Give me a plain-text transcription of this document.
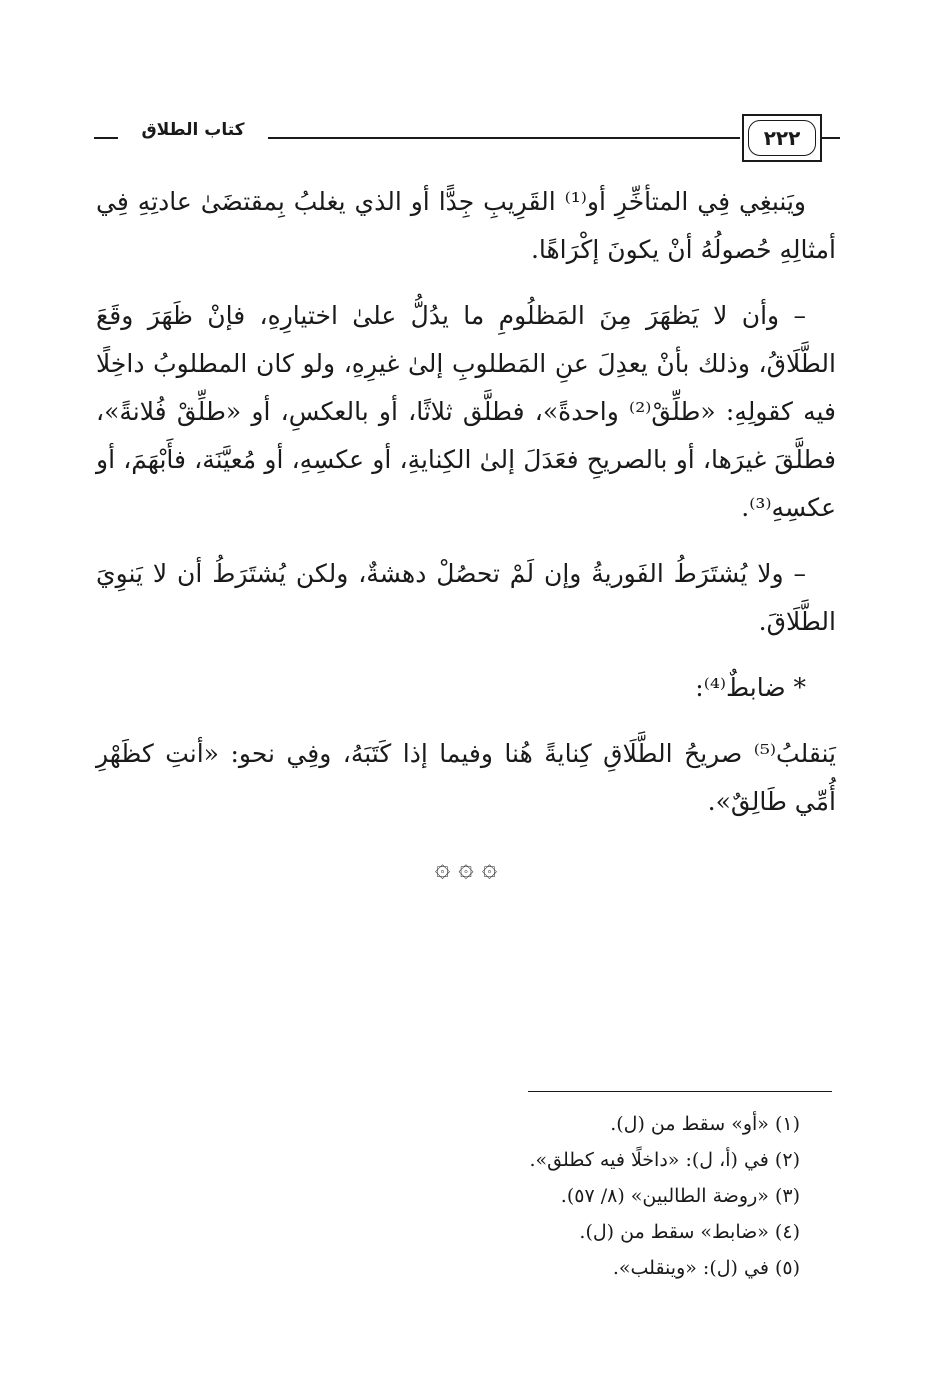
كتاب الطلاق	٢٢٢

ويَنبغِي فِي المتأخِّرِ أو⁽¹⁾ القَرِيبِ جِدًّا أو الذي يغلبُ بِمقتضَىٰ عادتِهِ فِي أمثالِهِ حُصولُهُ أنْ يكونَ إكْرَاهًا.

– وأن لا يَظهَرَ مِنَ المَظلُومِ ما يدُلُّ علىٰ اختيارِهِ، فإنْ ظَهَرَ وقَعَ الطَّلَاقُ، وذلك بأنْ يعدِلَ عنِ المَطلوبِ إلىٰ غيرِهِ، ولو كان المطلوبُ داخِلًا فيه كقولِهِ: «طلِّقْ⁽²⁾ واحدةً»، فطلَّق ثلاثًا، أو بالعكسِ، أو «طلِّقْ فُلانةً»، فطلَّقَ غيرَها، أو بالصريحِ فعَدَلَ إلىٰ الكِنايةِ، أو عكسِهِ، أو مُعيَّنَة، فأَبْهَمَ، أو عكسِهِ⁽³⁾.

– ولا يُشتَرَطُ الفَوريةُ وإن لَمْ تحصُلْ دهشةٌ، ولكن يُشتَرَطُ أن لا يَنوِيَ الطَّلَاقَ.

* ضابطٌ⁽⁴⁾:

يَنقلبُ⁽⁵⁾ صريحُ الطَّلَاقِ كِنايةً هُنا وفيما إذا كَتَبَهُ، وفِي نحو: «أنتِ كظَهْرِ أُمِّي طَالِقٌ».

۞ ۞ ۞
(١) «أو» سقط من (ل).
(٢) في (أ، ل): «داخلًا فيه كطلق».
(٣) «روضة الطالبين» (٨/ ٥٧).
(٤) «ضابط» سقط من (ل).
(٥) في (ل): «وينقلب».
